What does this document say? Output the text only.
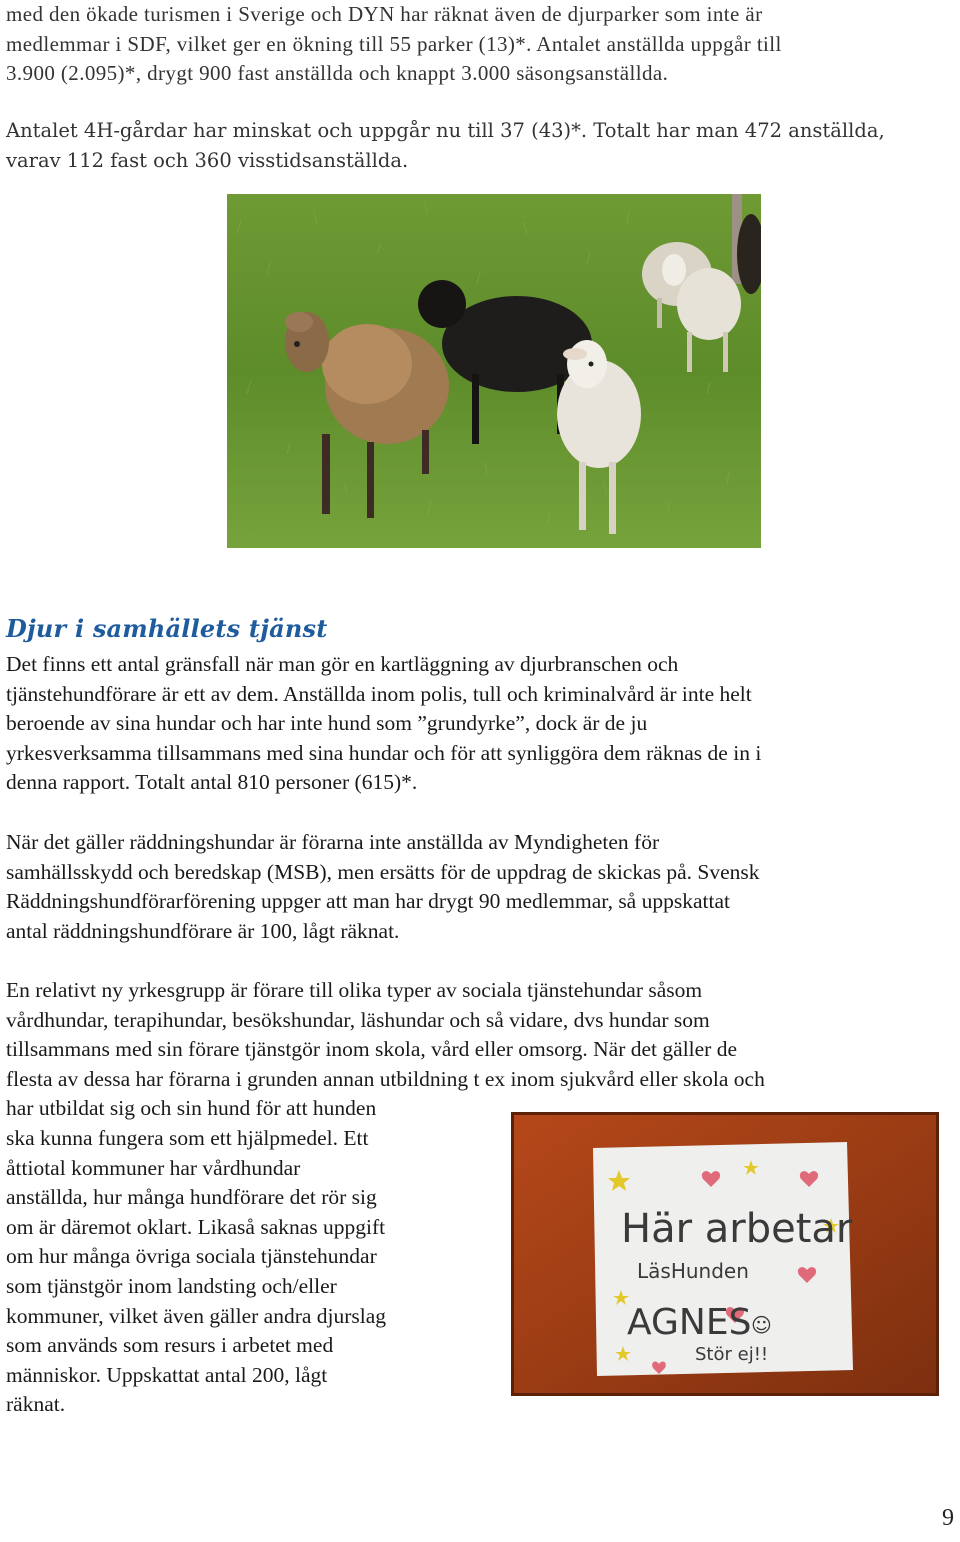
med den ökade turismen i Sverige och DYN har räknat även de djurparker som inte är
medlemmar i SDF, vilket ger en ökning till 55 parker (13)*. Antalet anställda uppgår till
3.900 (2.095)*, drygt 900 fast anställda och knappt 3.000 säsongsanställda.

Antalet 4H-gårdar har minskat och uppgår nu till 37 (43)*. Totalt har man 472 anställda,
varav 112 fast och 360 visstidsanställda.

Djur i samhällets tjänst

Det finns ett antal gränsfall när man gör en kartläggning av djurbranschen och
tjänstehundförare är ett av dem. Anställda inom polis, tull och kriminalvård är inte helt
beroende av sina hundar och har inte hund som ”grundyrke”, dock är de ju
yrkesverksamma tillsammans med sina hundar och för att synliggöra dem räknas de in i
denna rapport. Totalt antal 810 personer (615)*.

När det gäller räddningshundar är förarna inte anställda av Myndigheten för
samhällsskydd och beredskap (MSB), men ersätts för de uppdrag de skickas på. Svensk
Räddningshundförarförening uppger att man har drygt 90 medlemmar, så uppskattat
antal räddningshundförare är 100, lågt räknat.

En relativt ny yrkesgrupp är förare till olika typer av sociala tjänstehundar såsom
vårdhundar, terapihundar, besökshundar, läshundar och så vidare, dvs hundar som
tillsammans med sin förare tjänstgör inom skola, vård eller omsorg. När det gäller de
flesta av dessa har förarna i grunden annan utbildning t ex inom sjukvård eller skola och
har utbildat sig och sin hund för att hunden
ska kunna fungera som ett hjälpmedel. Ett
åttiotal kommuner har vårdhundar
anställda, hur många hundförare det rör sig
om är däremot oklart. Likaså saknas uppgift
om hur många övriga sociala tjänstehundar
som tjänstgör inom landsting och/eller
kommuner, vilket även gäller andra djurslag
som används som resurs i arbetet med
människor. Uppskattat antal 200, lågt
räknat.

Här arbetar
LäsHunden
AGNES
Stör ej!!
☺
9
